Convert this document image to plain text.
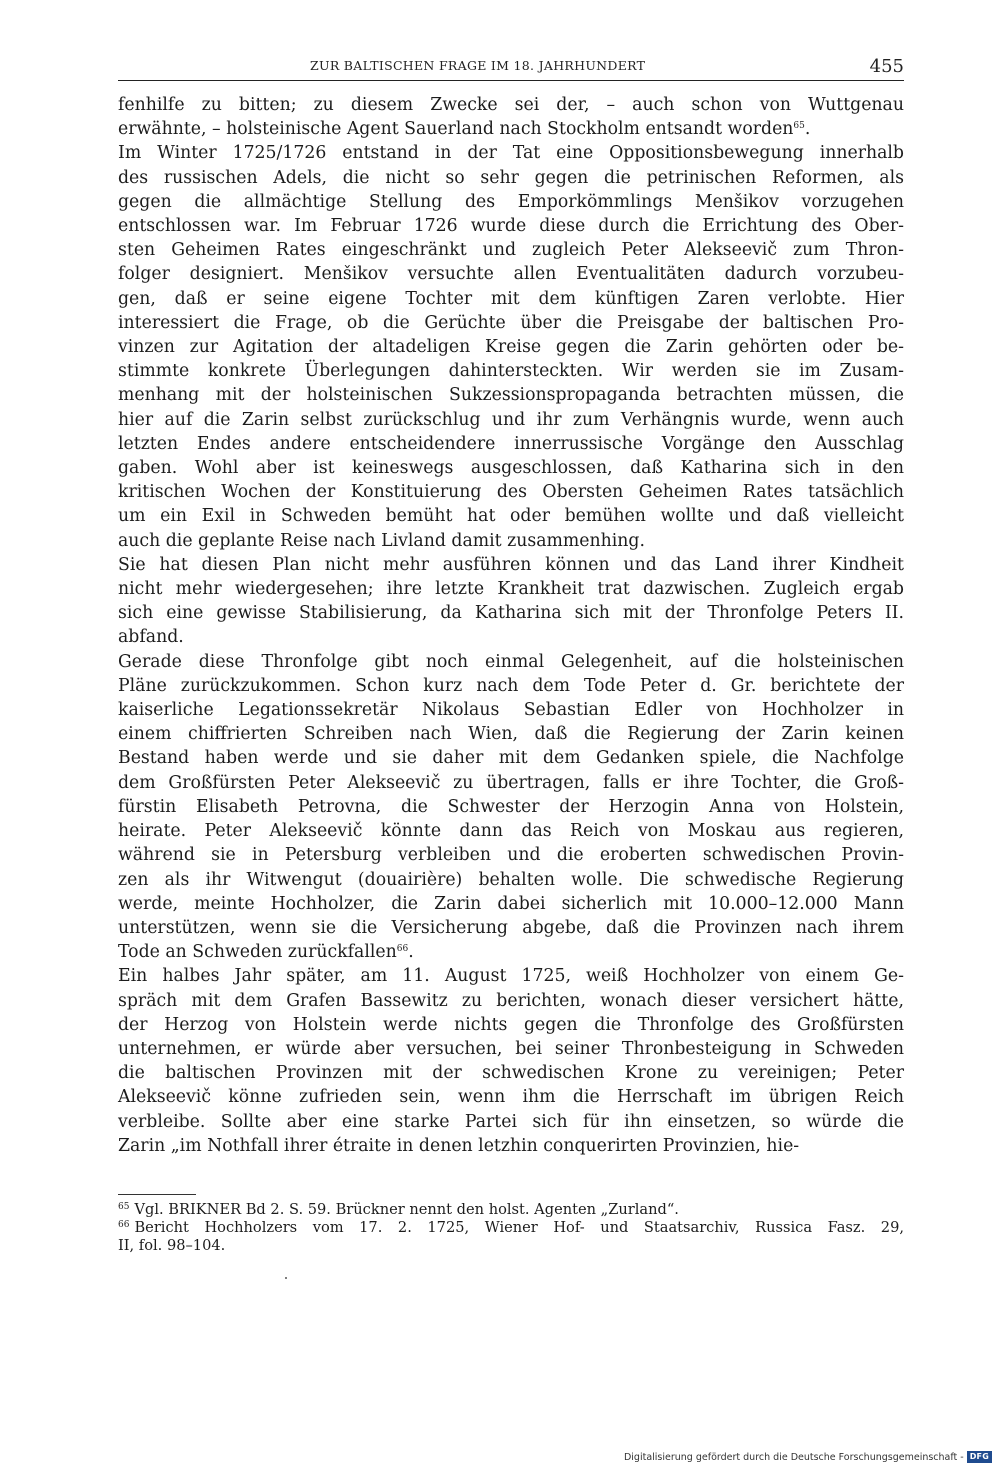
ZUR BALTISCHEN FRAGE IM 18. JAHRHUNDERT	455

fenhilfe zu bitten; zu diesem Zwecke sei der, – auch schon von Wuttgenau
erwähnte, – holsteinische Agent Sauerland nach Stockholm entsandt worden$^{65}$.

Im Winter 1725/1726 entstand in der Tat eine Oppositionsbewegung innerhalb
des russischen Adels, die nicht so sehr gegen die petrinischen Reformen, als
gegen die allmächtige Stellung des Emporkömmlings Menšikov vorzugehen
entschlossen war. Im Februar 1726 wurde diese durch die Errichtung des Ober-
sten Geheimen Rates eingeschränkt und zugleich Peter Alekseevič zum Thron-
folger designiert. Menšikov versuchte allen Eventualitäten dadurch vorzubeu-
gen, daß er seine eigene Tochter mit dem künftigen Zaren verlobte. Hier
interessiert die Frage, ob die Gerüchte über die Preisgabe der baltischen Pro-
vinzen zur Agitation der altadeligen Kreise gegen die Zarin gehörten oder be-
stimmte konkrete Überlegungen dahintersteckten. Wir werden sie im Zusam-
menhang mit der holsteinischen Sukzessionspropaganda betrachten müssen, die
hier auf die Zarin selbst zurückschlug und ihr zum Verhängnis wurde, wenn auch
letzten Endes andere entscheidendere innerrussische Vorgänge den Ausschlag
gaben. Wohl aber ist keineswegs ausgeschlossen, daß Katharina sich in den
kritischen Wochen der Konstituierung des Obersten Geheimen Rates tatsächlich
um ein Exil in Schweden bemüht hat oder bemühen wollte und daß vielleicht
auch die geplante Reise nach Livland damit zusammenhing.

Sie hat diesen Plan nicht mehr ausführen können und das Land ihrer Kindheit
nicht mehr wiedergesehen; ihre letzte Krankheit trat dazwischen. Zugleich ergab
sich eine gewisse Stabilisierung, da Katharina sich mit der Thronfolge Peters II.
abfand.

Gerade diese Thronfolge gibt noch einmal Gelegenheit, auf die holsteinischen
Pläne zurückzukommen. Schon kurz nach dem Tode Peter d. Gr. berichtete der
kaiserliche Legationssekretär Nikolaus Sebastian Edler von Hochholzer in
einem chiffrierten Schreiben nach Wien, daß die Regierung der Zarin keinen
Bestand haben werde und sie daher mit dem Gedanken spiele, die Nachfolge
dem Großfürsten Peter Alekseevič zu übertragen, falls er ihre Tochter, die Groß-
fürstin Elisabeth Petrovna, die Schwester der Herzogin Anna von Holstein,
heirate. Peter Alekseevič könnte dann das Reich von Moskau aus regieren,
während sie in Petersburg verbleiben und die eroberten schwedischen Provin-
zen als ihr Witwengut (douairière) behalten wolle. Die schwedische Regierung
werde, meinte Hochholzer, die Zarin dabei sicherlich mit 10.000–12.000 Mann
unterstützen, wenn sie die Versicherung abgebe, daß die Provinzen nach ihrem
Tode an Schweden zurückfallen$^{66}$.

Ein halbes Jahr später, am 11. August 1725, weiß Hochholzer von einem Ge-
spräch mit dem Grafen Bassewitz zu berichten, wonach dieser versichert hätte,
der Herzog von Holstein werde nichts gegen die Thronfolge des Großfürsten
unternehmen, er würde aber versuchen, bei seiner Thronbesteigung in Schweden
die baltischen Provinzen mit der schwedischen Krone zu vereinigen; Peter
Alekseevič könne zufrieden sein, wenn ihm die Herrschaft im übrigen Reich
verbleibe. Sollte aber eine starke Partei sich für ihn einsetzen, so würde die
Zarin „im Nothfall ihrer étraite in denen letzhin conquerirten Provinzien, hie-

$^{65}$ Vgl. BRIKNER Bd 2. S. 59. Brückner nennt den holst. Agenten „Zurland“.
$^{66}$ Bericht Hochholzers vom 17. 2. 1725, Wiener Hof- und Staatsarchiv, Russica Fasz. 29,
II, fol. 98–104.
Digitalisierung gefördert durch die Deutsche Forschungsgemeinschaft - DFG
